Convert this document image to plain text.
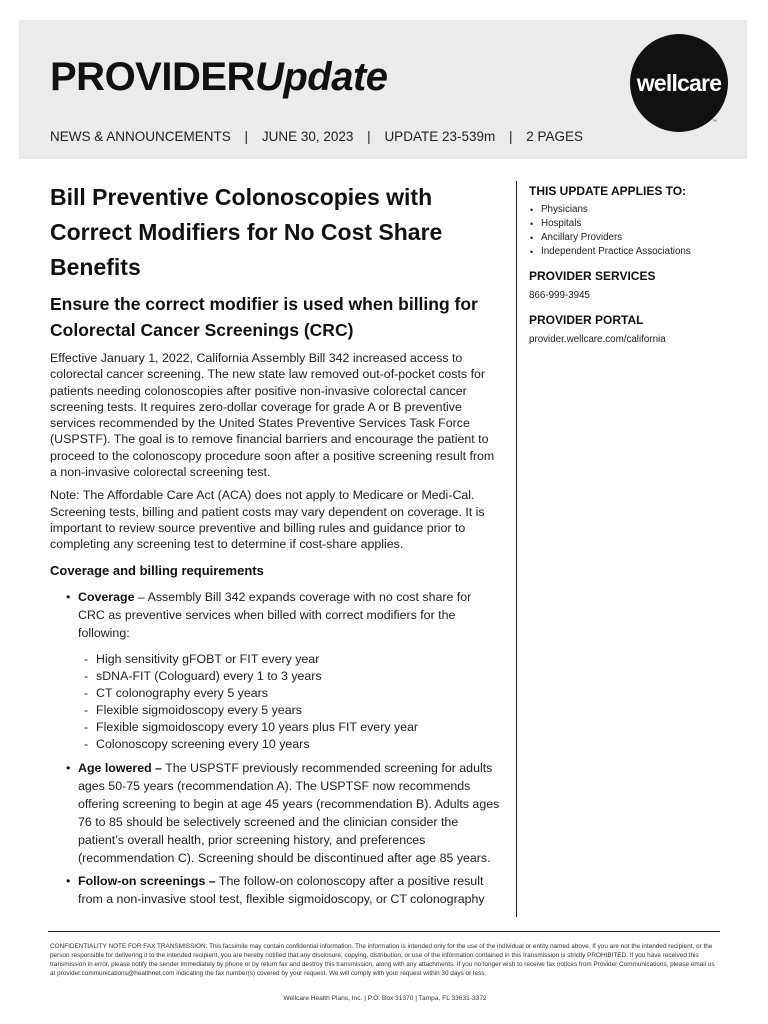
PROVIDERUpdate
NEWS & ANNOUNCEMENTS | JUNE 30, 2023 | UPDATE 23-539m | 2 PAGES
wellcare
™
Bill Preventive Colonoscopies with Correct Modifiers for No Cost Share Benefits
Ensure the correct modifier is used when billing for Colorectal Cancer Screenings (CRC)

Effective January 1, 2022, California Assembly Bill 342 increased access to colorectal cancer screening. The new state law removed out-of-pocket costs for patients needing colonoscopies after positive non-invasive colorectal cancer screening tests. It requires zero-dollar coverage for grade A or B preventive services recommended by the United States Preventive Services Task Force (USPSTF). The goal is to remove financial barriers and encourage the patient to proceed to the colonoscopy procedure soon after a positive screening result from a non-invasive colorectal screening test.

Note: The Affordable Care Act (ACA) does not apply to Medicare or Medi-Cal. Screening tests, billing and patient costs may vary dependent on coverage. It is important to review source preventive and billing rules and guidance prior to completing any screening test to determine if cost-share applies.

Coverage and billing requirements
• Coverage – Assembly Bill 342 expands coverage with no cost share for CRC as preventive services when billed with correct modifiers for the following:
- High sensitivity gFOBT or FIT every year
- sDNA-FIT (Cologuard) every 1 to 3 years
- CT colonography every 5 years
- Flexible sigmoidoscopy every 5 years
- Flexible sigmoidoscopy every 10 years plus FIT every year
- Colonoscopy screening every 10 years
• Age lowered – The USPSTF previously recommended screening for adults ages 50-75 years (recommendation A). The USPTSF now recommends offering screening to begin at age 45 years (recommendation B). Adults ages 76 to 85 should be selectively screened and the clinician consider the patient’s overall health, prior screening history, and preferences (recommendation C). Screening should be discontinued after age 85 years.
• Follow-on screenings – The follow-on colonoscopy after a positive result from a non-invasive stool test, flexible sigmoidoscopy, or CT colonography
THIS UPDATE APPLIES TO:
• Physicians
• Hospitals
• Ancillary Providers
• Independent Practice Associations
PROVIDER SERVICES
866-999-3945
PROVIDER PORTAL
provider.wellcare.com/california
CONFIDENTIALITY NOTE FOR FAX TRANSMISSION: This facsimile may contain confidential information. The information is intended only for the use of the individual or entity named above. If you are not the intended recipient, or the person responsible for delivering it to the intended recipient, you are hereby notified that any disclosure, copying, distribution, or use of the information contained in this transmission is strictly PROHIBITED. If you have received this transmission in error, please notify the sender immediately by phone or by return fax and destroy this transmission, along with any attachments. If you no longer wish to receive fax notices from Provider Communications, please email us at provider.communications@healthnet.com indicating the fax number(s) covered by your request. We will comply with your request within 30 days or less.
Wellcare Health Plans, Inc. | P.O. Box 31370 | Tampa, FL 33631-3372
